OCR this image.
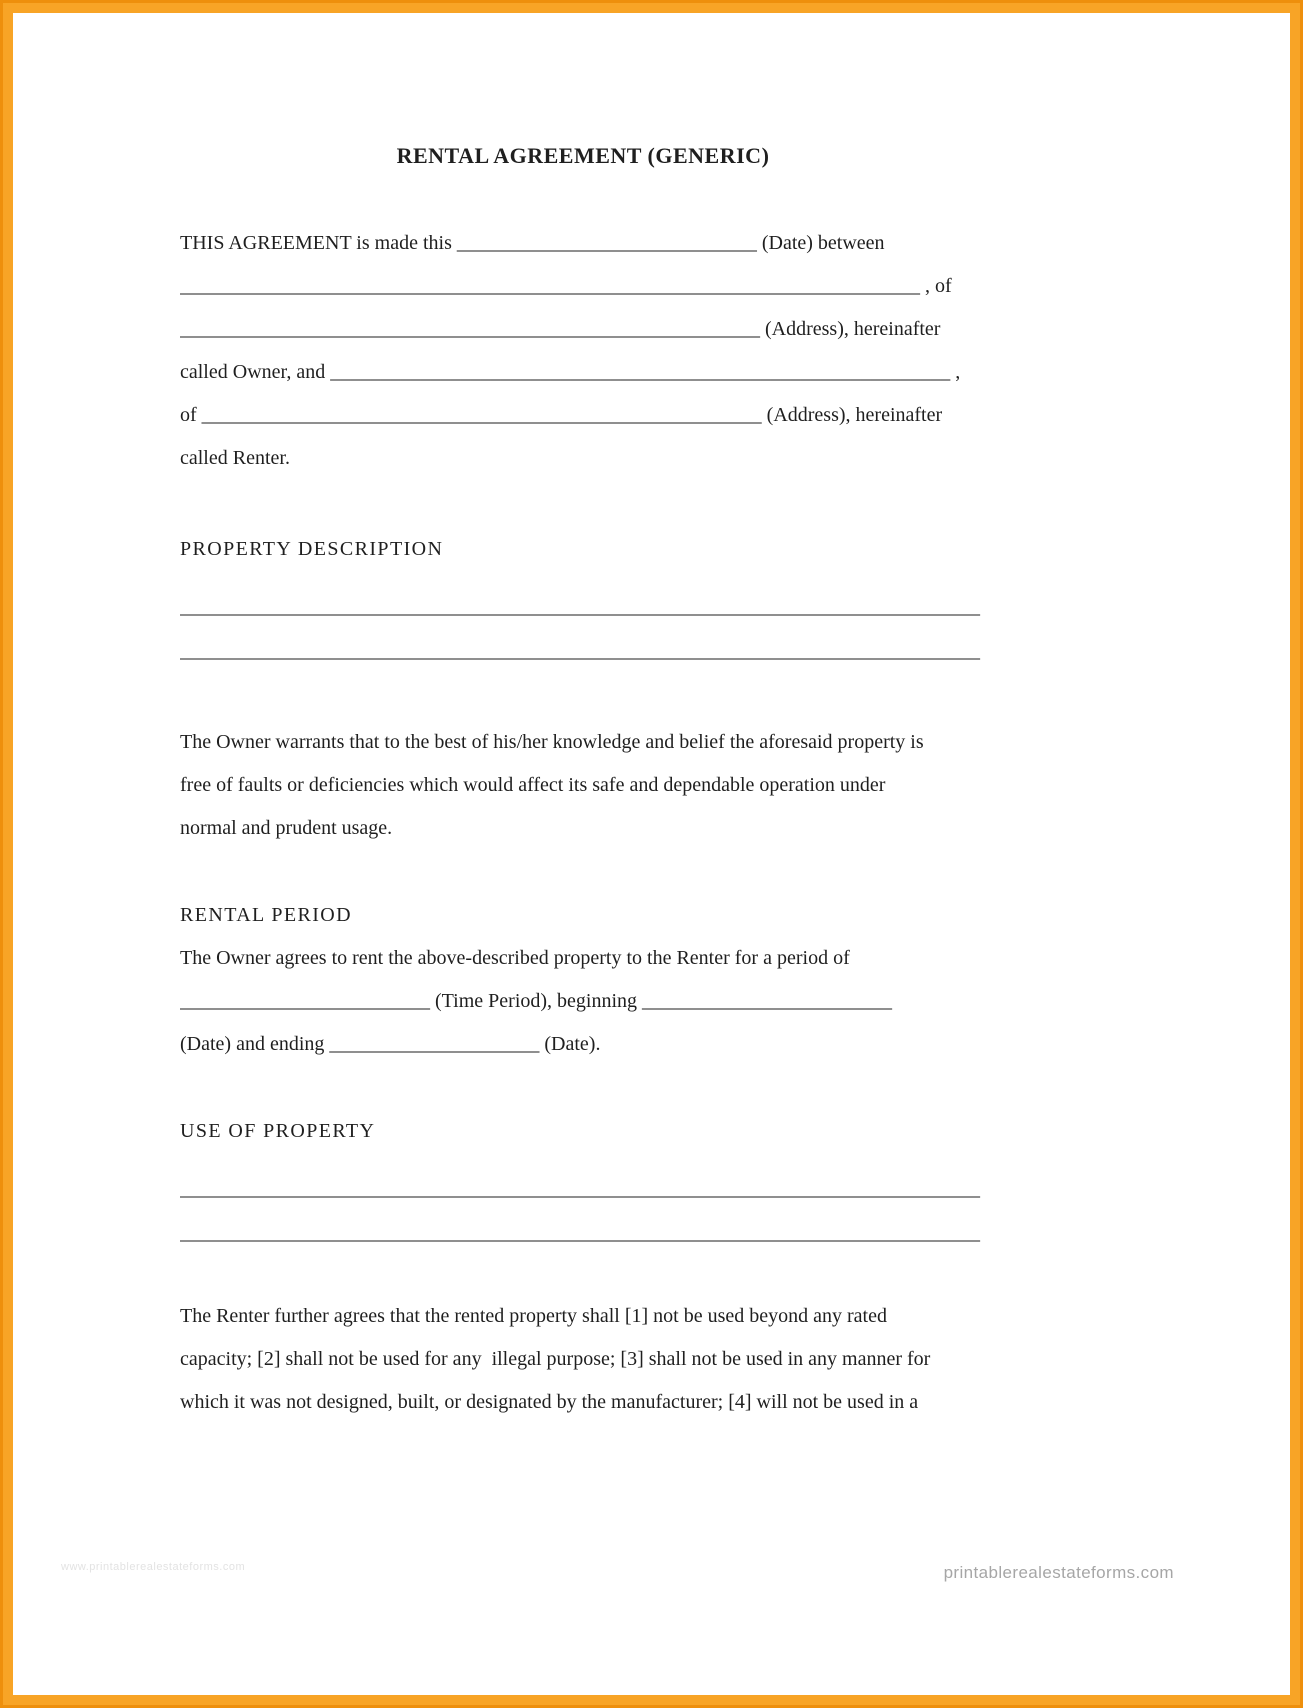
RENTAL AGREEMENT (GENERIC)
THIS AGREEMENT is made this ______________________________ (Date) between
__________________________________________________________________________ , of
__________________________________________________________ (Address), hereinafter
called Owner, and ______________________________________________________________ ,
of ________________________________________________________ (Address), hereinafter
called Renter.
PROPERTY DESCRIPTION
________________________________________________________________________________
________________________________________________________________________________
The Owner warrants that to the best of his/her knowledge and belief the aforesaid property is
free of faults or deficiencies which would affect its safe and dependable operation under
normal and prudent usage.
RENTAL PERIOD
The Owner agrees to rent the above-described property to the Renter for a period of
_________________________ (Time Period), beginning _________________________
(Date) and ending _____________________ (Date).
USE OF PROPERTY
________________________________________________________________________________
________________________________________________________________________________
The Renter further agrees that the rented property shall [1] not be used beyond any rated
capacity; [2] shall not be used for any  illegal purpose; [3] shall not be used in any manner for
which it was not designed, built, or designated by the manufacturer; [4] will not be used in a
www.printablerealestateforms.com	printablerealestateforms.com
